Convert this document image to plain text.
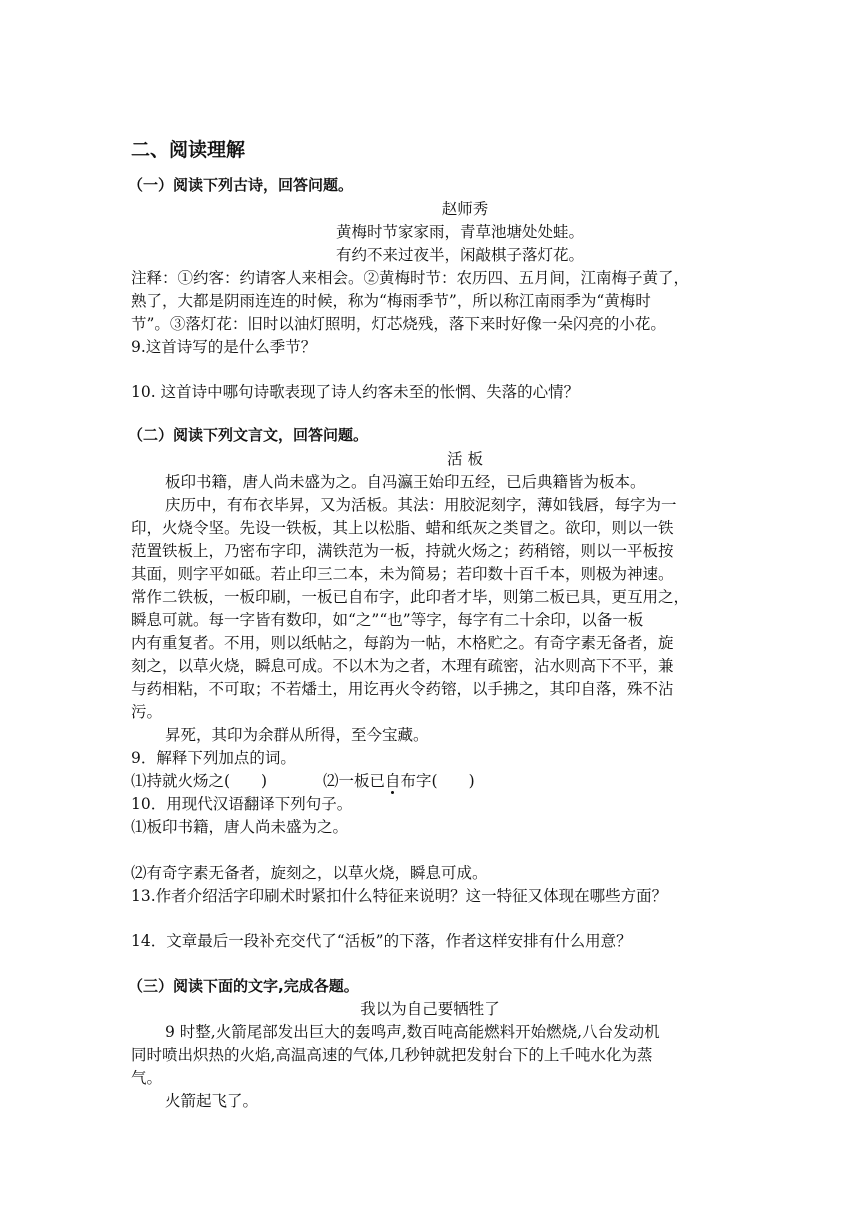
二、阅读理解
（一）阅读下列古诗，回答问题。
赵师秀
黄梅时节家家雨，青草池塘处处蛙。
有约不来过夜半，闲敲棋子落灯花。
注释：①约客：约请客人来相会。②黄梅时节：农历四、五月间，江南梅子黄了，
熟了，大都是阴雨连连的时候，称为“梅雨季节”，所以称江南雨季为“黄梅时
节”。③落灯花：旧时以油灯照明，灯芯烧残，落下来时好像一朵闪亮的小花。
9.这首诗写的是什么季节？
10. 这首诗中哪句诗歌表现了诗人约客未至的怅惘、失落的心情？
（二）阅读下列文言文，回答问题。
活 板
板印书籍，唐人尚未盛为之。自冯瀛王始印五经，已后典籍皆为板本。
庆历中，有布衣毕昇，又为活板。其法：用胶泥刻字，薄如钱唇，每字为一
印，火烧令坚。先设一铁板，其上以松脂、蜡和纸灰之类冒之。欲印，则以一铁
范置铁板上，乃密布字印，满铁范为一板，持就火炀之；药稍镕，则以一平板按
其面，则字平如砥。若止印三二本，未为简易；若印数十百千本，则极为神速。
常作二铁板，一板印刷，一板已自布字，此印者才毕，则第二板已具，更互用之，
瞬息可就。每一字皆有数印，如“之”“也”等字，每字有二十余印，以备一板
内有重复者。不用，则以纸帖之，每韵为一帖，木格贮之。有奇字素无备者，旋
刻之，以草火烧，瞬息可成。不以木为之者，木理有疏密，沾水则高下不平，兼
与药相粘，不可取；不若燔土，用讫再火令药镕，以手拂之，其印自落，殊不沾
污。
昇死，其印为余群从所得，至今宝藏。
9．解释下列加点的词。
⑴持就火炀之(　　)	⑵一板已自布字(　　)
10．用现代汉语翻译下列句子。
⑴板印书籍，唐人尚未盛为之。
⑵有奇字素无备者，旋刻之，以草火烧，瞬息可成。
13.作者介绍活字印刷术时紧扣什么特征来说明？这一特征又体现在哪些方面？
14．文章最后一段补充交代了“活板”的下落，作者这样安排有什么用意？
（三）阅读下面的文字,完成各题。
我以为自己要牺牲了
9 时整,火箭尾部发出巨大的轰鸣声,数百吨高能燃料开始燃烧,八台发动机
同时喷出炽热的火焰,高温高速的气体,几秒钟就把发射台下的上千吨水化为蒸
气。
火箭起飞了。
